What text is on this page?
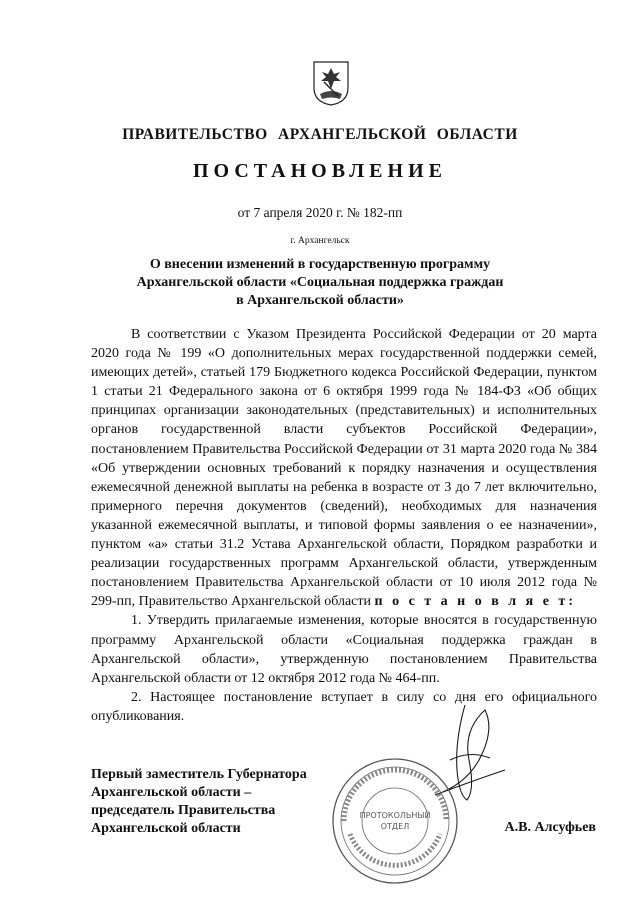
ПРАВИТЕЛЬСТВО АРХАНГЕЛЬСКОЙ ОБЛАСТИ
ПОСТАНОВЛЕНИЕ
от 7 апреля 2020 г. № 182-пп
г. Архангельск
О внесении изменений в государственную программу
Архангельской области «Социальная поддержка граждан
в Архангельской области»

В соответствии с Указом Президента Российской Федерации от 20 марта 2020 года № 199 «О дополнительных мерах государственной поддержки семей, имеющих детей», статьей 179 Бюджетного кодекса Российской Федерации, пунктом 1 статьи 21 Федерального закона от 6 октября 1999 года № 184-ФЗ «Об общих принципах организации законодательных (представительных) и исполнительных органов государственной власти субъектов Российской Федерации», постановлением Правительства Российской Федерации от 31 марта 2020 года № 384 «Об утверждении основных требований к порядку назначения и осуществления ежемесячной денежной выплаты на ребенка в возрасте от 3 до 7 лет включительно, примерного перечня документов (сведений), необходимых для назначения указанной ежемесячной выплаты, и типовой формы заявления о ее назначении», пунктом «а» статьи 31.2 Устава Архангельской области, Порядком разработки и реализации государственных программ Архангельской области, утвержденным постановлением Правительства Архангельской области от 10 июля 2012 года № 299-пп, Правительство Архангельской области п о с т а н о в л я е т:

1. Утвердить прилагаемые изменения, которые вносятся в государственную программу Архангельской области «Социальная поддержка граждан в Архангельской области», утвержденную постановлением Правительства Архангельской области от 12 октября 2012 года № 464-пп.

2. Настоящее постановление вступает в силу со дня его официального опубликования.

ПРОТОКОЛЬНЫЙ
ОТДЕЛ
Первый заместитель Губернатора
Архангельской области –
председатель Правительства
Архангельской области	А.В. Алсуфьев
